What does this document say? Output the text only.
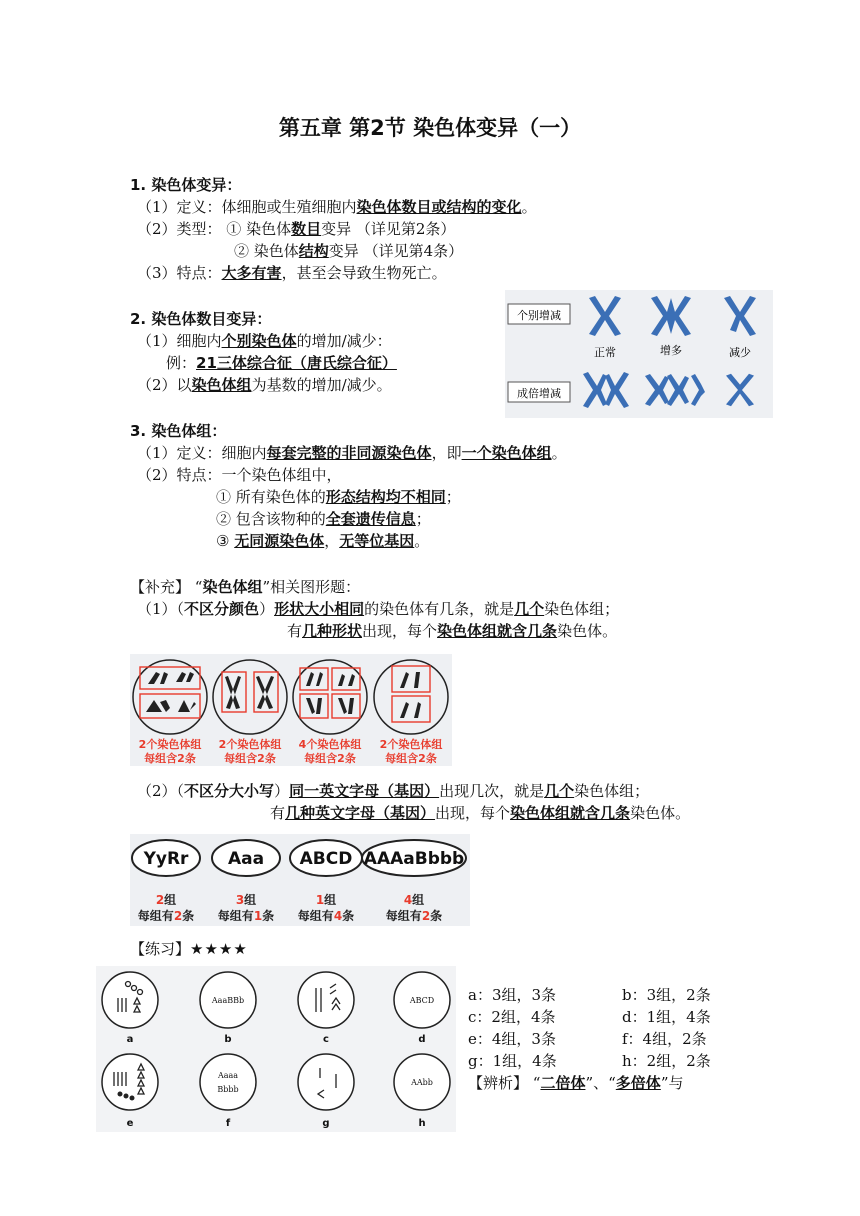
第五章 第2节 染色体变异（一）
1. 染色体变异：
（1）定义：体细胞或生殖细胞内染色体数目或结构的变化。
（2）类型： ① 染色体数目变异 （详见第2条）
② 染色体结构变异 （详见第4条）
（3）特点：大多有害，甚至会导致生物死亡。
2. 染色体数目变异：
（1）细胞内个别染色体的增加/减少：
例：21三体综合征（唐氏综合征）
（2）以染色体组为基数的增加/减少。
个别增减
成倍增减
正常	增多	减少
3. 染色体组：
（1）定义：细胞内每套完整的非同源染色体，即一个染色体组。
（2）特点：一个染色体组中，
① 所有染色体的形态结构均不相同；
② 包含该物种的全套遗传信息；
③ 无同源染色体，无等位基因。
【补充】 “染色体组”相关图形题：
（1）（不区分颜色）形状大小相同的染色体有几条，就是几个染色体组；
有几种形状出现，每个染色体组就含几条染色体。
2个染色体组
每组含2条
2个染色体组
每组含2条
4个染色体组
每组含2条
2个染色体组
每组含2条
（2）（不区分大小写）同一英文字母（基因）出现几次，就是几个染色体组；
有几种英文字母（基因）出现，每个染色体组就含几条染色体。
YyRr Aaa ABCD AAAaBbbb
2组
每组有2条
3组
每组有1条
1组
每组有4条
4组
每组有2条
【练习】★★★★
AaaBBb	ABCD
Aaaa
Bbbb
AAbb
a	b	c	d
e	f	g	h
a：3组，3条	b：3组，2条
c：2组，4条	d：1组，4条
e：4组，3条	f：4组，2条
g：1组，4条	h：2组，2条
【辨析】 “二倍体”、“多倍体”与
